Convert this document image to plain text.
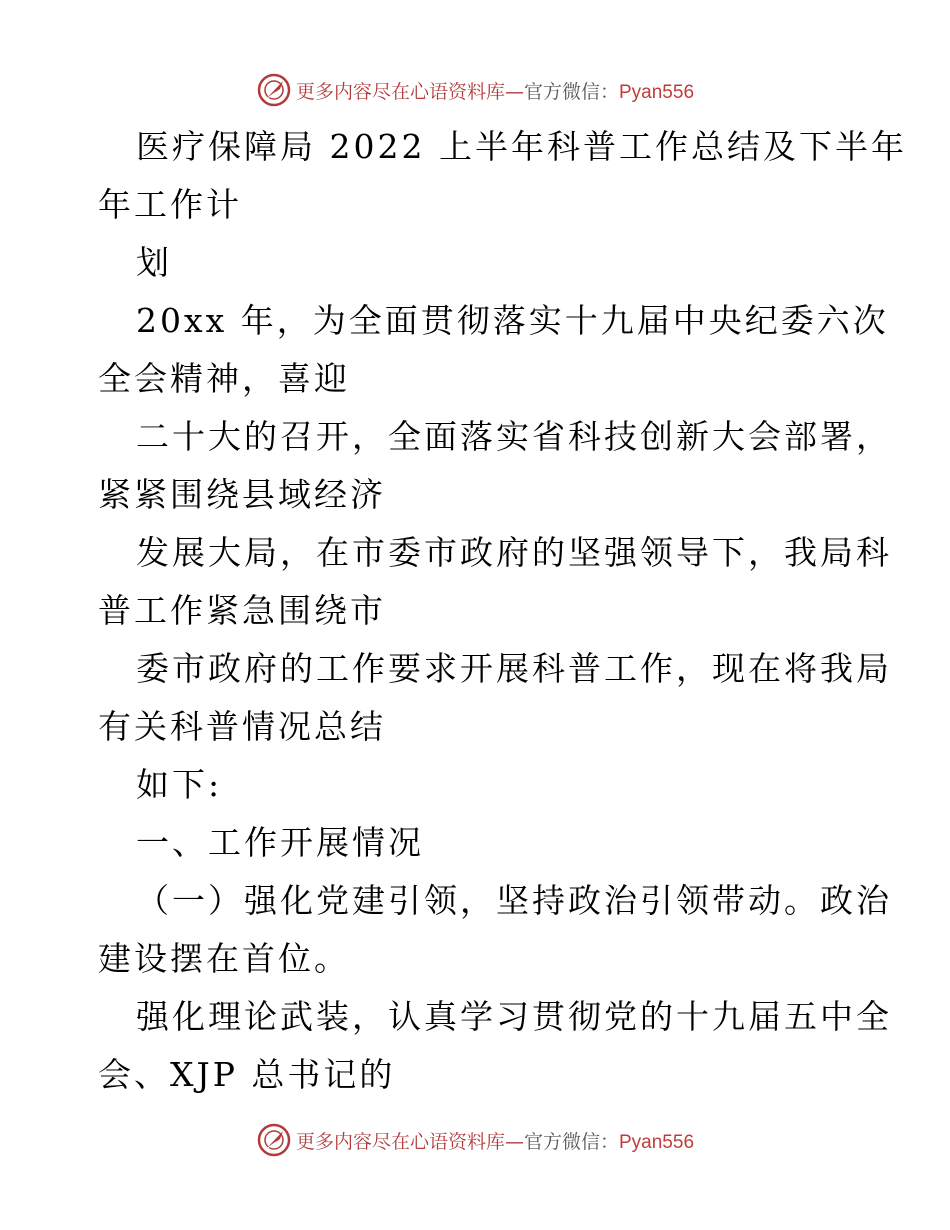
更多内容尽在心语资料库—官方微信：Pyan556
医疗保障局 2022 上半年科普工作总结及下半年
年工作计
划
20xx 年，为全面贯彻落实十九届中央纪委六次
全会精神，喜迎
二十大的召开，全面落实省科技创新大会部署，
紧紧围绕县域经济
发展大局，在市委市政府的坚强领导下，我局科
普工作紧急围绕市
委市政府的工作要求开展科普工作，现在将我局
有关科普情况总结
如下:
一、工作开展情况
（一）强化党建引领，坚持政治引领带动。政治
建设摆在首位。
强化理论武装，认真学习贯彻党的十九届五中全
会、XJP 总书记的
更多内容尽在心语资料库—官方微信：Pyan556
